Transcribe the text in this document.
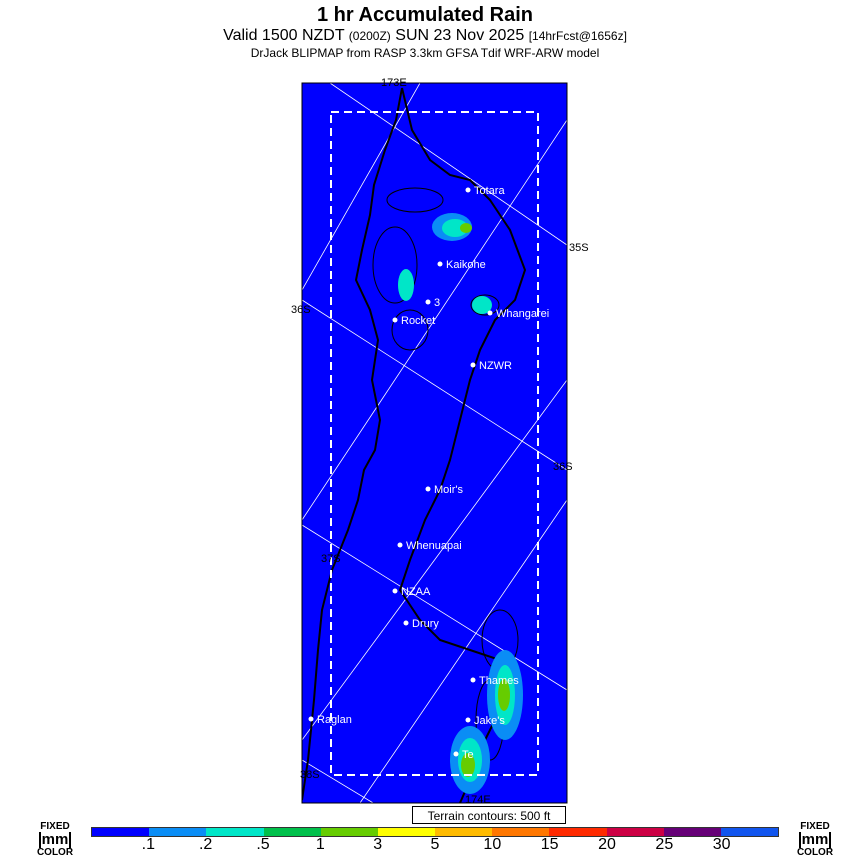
1 hr Accumulated Rain
Valid 1500 NZDT (0200Z) SUN 23 Nov 2025 [14hrFcst@1656z]
DrJack BLIPMAP from RASP 3.3km GFSA Tdif WRF-ARW model
173E
35S
36S
36S
37S
38S
174E
Totara
Kaikohe
3
Rocket
Whangarei
NZWR
Moir's
Whenuapai
NZAA
Drury
Thames
Raglan	Jake's
Te
Terrain contours: 500 ft
FIXED
mm
COLOR
FIXED
mm
COLOR
.1	.2	.5	1	3	5	10	15	20	25	30
